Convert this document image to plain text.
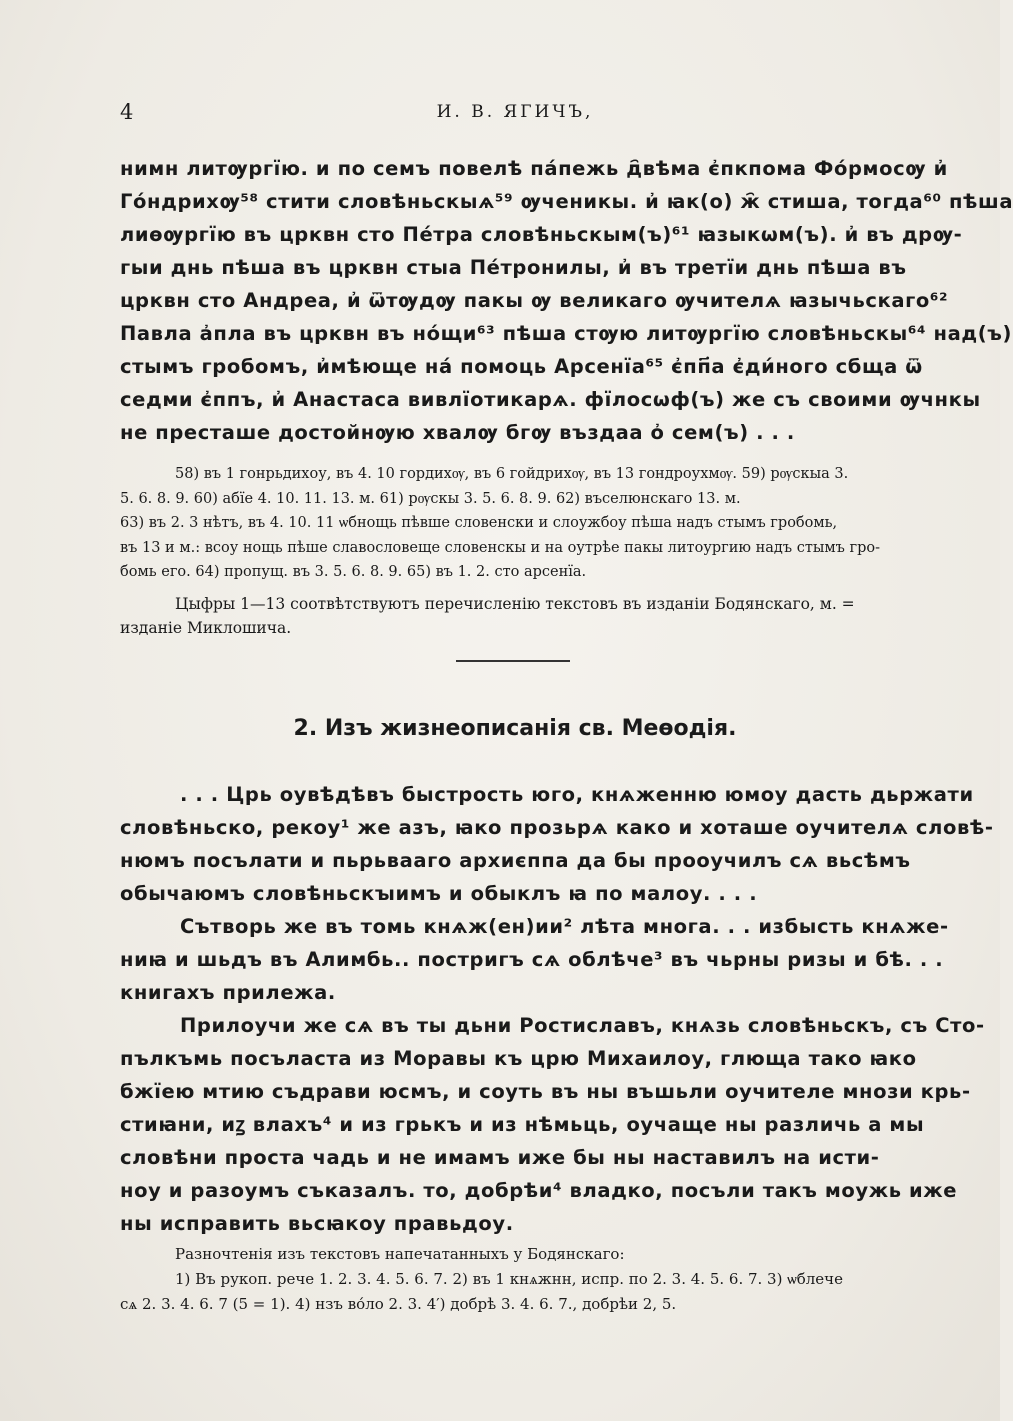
4	И. В. ЯГИЧЪ,
нимн литѹргїю. и по семъ повелѣ па́пежь д҄вѣма є҆пкпома Фо́рмосѹ и҆
Го́ндрихѹ⁵⁸ стити словѣньскыѧ⁵⁹ ѹченикы. и҆ ꙗк(о) ж҄ стиша, тогда⁶⁰ пѣша
лиѳѹргїю въ црквн сто Пе́тра словѣньскым(ъ)⁶¹ ꙗзыкѡм(ъ). и҆ въ дрѹ-
гыи днь пѣша въ црквн стыа Пе́тронилы, и҆ въ третїи днь пѣша въ
црквн сто Андреа, и҆ ѿтѹдѹ пакы ѹ великаго ѹчителѧ ꙗзычьскаго⁶²
Павла а҆пла въ црквн въ но́щи⁶³ пѣша стѹю литѹргїю словѣньскы⁶⁴ над(ъ)
стымъ гробомъ, и҆мѣюще на́ помоць Арсенїа⁶⁵ є҆пп҃а є҆ди́ного сбща ѿ
седми є҆ппъ, и҆ Анастаса вивлїотикарѧ. фїлосѡф(ъ) же съ своими ѹчнкы
не престаше достойнѹю хвалѹ бгѹ въздаа о҆ сем(ъ) . . .
58) въ 1 гонрьдихоу, въ 4. 10 гордихѹ, въ 6 гойдрихѹ, въ 13 гондроухмѹ. 59) рѹскыа 3.
5. 6. 8. 9. 60) абїе 4. 10. 11. 13. м. 61) рѹскы 3. 5. 6. 8. 9. 62) въселюнскаго 13. м.
63) въ 2. 3 нѣтъ, въ 4. 10. 11 ѡбнощь пѣвше словенски и слоужбоу пѣша надъ стымъ гробомь,
въ 13 и м.: всоу нощь пѣше славословеще словенскы и на оутрѣе пакы литоургию надъ стымъ гро-
бомь его. 64) пропущ. въ 3. 5. 6. 8. 9. 65) въ 1. 2. сто арсенїа.
Цыфры 1—13 соотвѣтствуютъ перечисленію текстовъ въ изданіи Бодянскаго, м. =
изданіе Миклошича.
2. Изъ жизнеописанія св. Меѳодія.
. . . Црь оувѣдѣвъ быстрость юго, кнѧженню юмоу дасть дьржати
словѣньско, рекоу¹ же азъ, ꙗко прозьрѧ како и хоташе оучителѧ словѣ-
нюмъ посълати и пьрьваагo архиєппа да бы прооучилъ сѧ вьсѣмъ
обычаюмъ словѣньскꙑимъ и обыклъ ꙗ по малоу. . . .
Сътворь же въ томь кнѧж(ен)ии² лѣта многа. . . избысть кнѧже-
ниꙗ и шьдъ въ Алимбь.. постригъ сѧ облѣче³ въ чьрны ризы и бѣ. . .
книгахъ прилежа.
Прилоучи же сѧ въ ты дьни Ростиславъ, кнѧзь словѣньскъ, съ Сто-
пълкъмь посъласта из Моравы къ црю Михаилоу, глюща тако ꙗко
бжїею мтию съдрави юсмъ, и соуть въ ны въшьли оучителе мнози крь-
стиꙗни, иꙁ влахъ⁴ и из грькъ и из нѣмьць, оучаще ны различь а мы
словѣни проста чадь и не имамъ иже бы ны наставилъ на исти-
ноу и разоумъ съказалъ. то, добрѣи⁴ владко, посъли такъ моужь иже
ны исправить вьсꙗкоу правьдоу.
Разночтенія изъ текстовъ напечатанныхъ у Бодянскаго:
1) Въ рукоп. рече 1. 2. 3. 4. 5. 6. 7. 2) въ 1 кнѧжнн, испр. по 2. 3. 4. 5. 6. 7. 3) ѡблече
сѧ 2. 3. 4. 6. 7 (5 = 1). 4) нзъ во́ло 2. 3. 4′) добрѣ 3. 4. 6. 7., добрѣи 2, 5.
